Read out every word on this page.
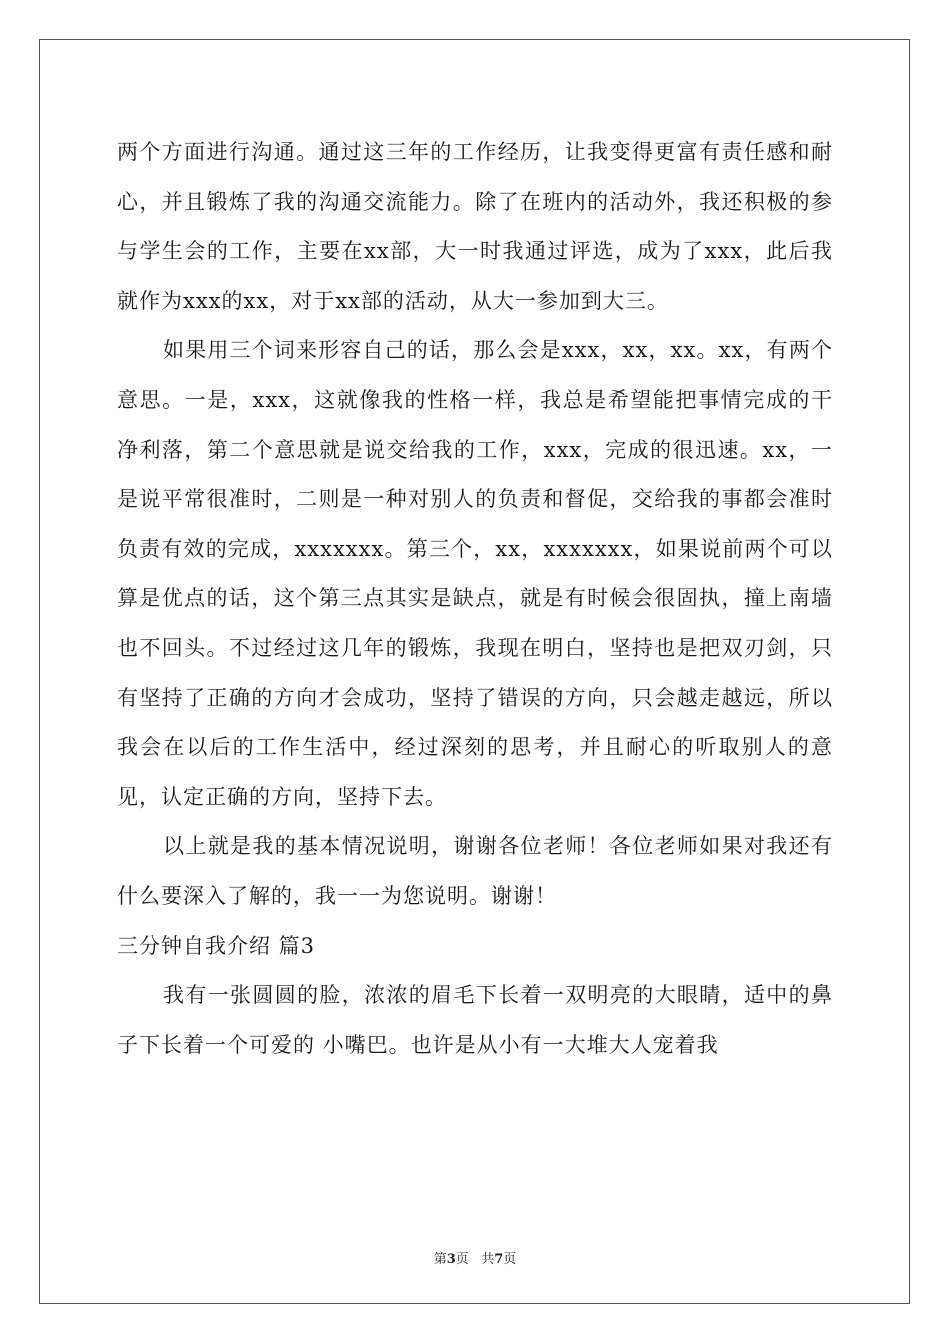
两个方面进行沟通。通过这三年的工作经历，让我变得更富有责任感和耐心，并且锻炼了我的沟通交流能力。除了在班内的活动外，我还积极的参与学生会的工作，主要在xx部，大一时我通过评选，成为了xxx，此后我就作为xxx的xx，对于xx部的活动，从大一参加到大三。

如果用三个词来形容自己的话，那么会是xxx，xx，xx。xx，有两个意思。一是，xxx，这就像我的性格一样，我总是希望能把事情完成的干净利落，第二个意思就是说交给我的工作，xxx，完成的很迅速。xx，一是说平常很准时，二则是一种对别人的负责和督促，交给我的事都会准时负责有效的完成，xxxxxxx。第三个，xx，xxxxxxx，如果说前两个可以算是优点的话，这个第三点其实是缺点，就是有时候会很固执，撞上南墙也不回头。不过经过这几年的锻炼，我现在明白，坚持也是把双刃剑，只有坚持了正确的方向才会成功，坚持了错误的方向，只会越走越远，所以我会在以后的工作生活中，经过深刻的思考，并且耐心的听取别人的意见，认定正确的方向，坚持下去。

以上就是我的基本情况说明，谢谢各位老师！各位老师如果对我还有什么要深入了解的，我一一为您说明。谢谢！

三分钟自我介绍 篇3

我有一张圆圆的脸，浓浓的眉毛下长着一双明亮的大眼睛，适中的鼻子下长着一个可爱的 小嘴巴。也许是从小有一大堆大人宠着我

第3页 共7页
